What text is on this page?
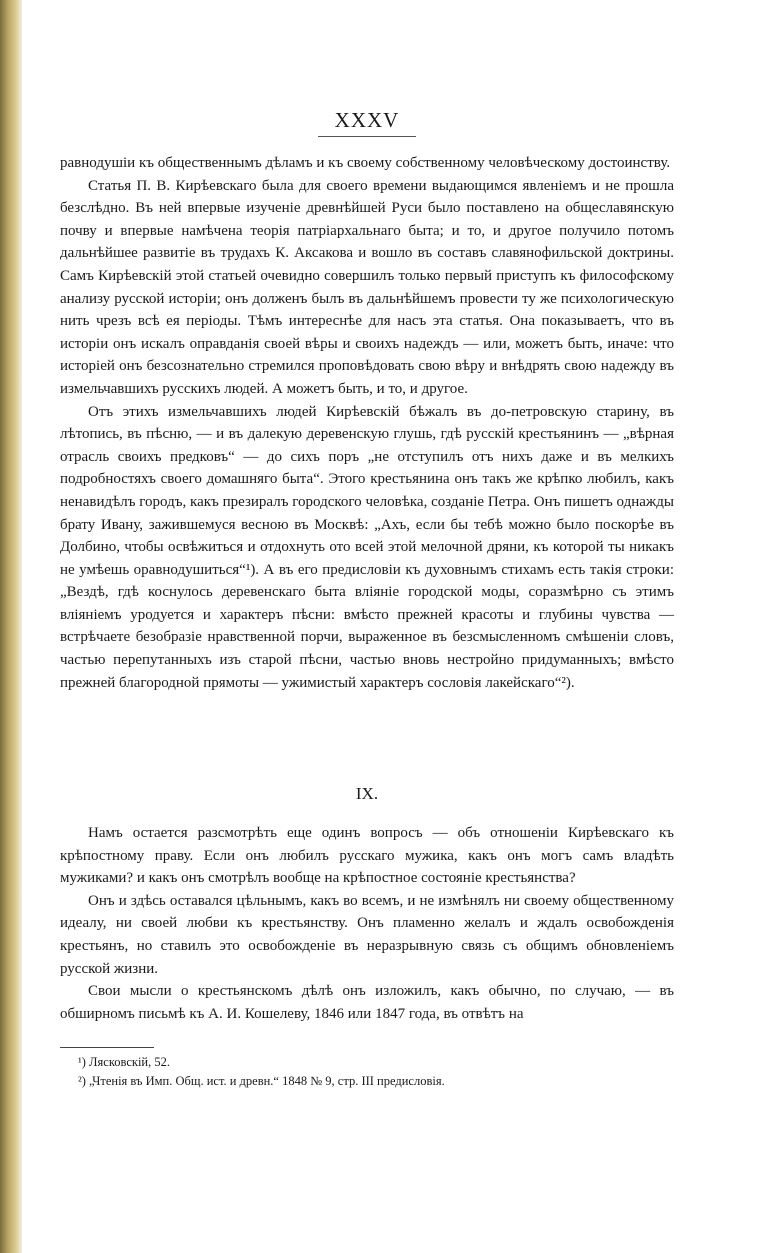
XXXV

равнодушіи къ общественнымъ дѣламъ и къ своему собственному человѣческому достоинству.

Статья П. В. Кирѣевскаго была для своего времени выдающимся явленіемъ и не прошла безслѣдно. Въ ней впервые изученіе древнѣйшей Руси было поставлено на общеславянскую почву и впервые намѣчена теорія патріархальнаго быта; и то, и другое получило потомъ дальнѣйшее развитіе въ трудахъ К. Аксакова и вошло въ составъ славянофильской доктрины. Самъ Кирѣевскій этой статьей очевидно совершилъ только первый приступъ къ философскому анализу русской исторіи; онъ долженъ былъ въ дальнѣйшемъ провести ту же психологическую нить чрезъ всѣ ея періоды. Тѣмъ интереснѣе для насъ эта статья. Она показываетъ, что въ исторіи онъ искалъ оправданія своей вѣры и своихъ надеждъ — или, можетъ быть, иначе: что исторіей онъ безсознательно стремился проповѣдовать свою вѣру и внѣдрять свою надежду въ измельчавшихъ русскихъ людей. А можетъ быть, и то, и другое.

Отъ этихъ измельчавшихъ людей Кирѣевскій бѣжалъ въ до-петровскую старину, въ лѣтопись, въ пѣсню, — и въ далекую деревенскую глушь, гдѣ русскій крестьянинъ — „вѣрная отрасль своихъ предковъ“ — до сихъ поръ „не отступилъ отъ нихъ даже и въ мелкихъ подробностяхъ своего домашняго быта“. Этого крестьянина онъ такъ же крѣпко любилъ, какъ ненавидѣлъ городъ, какъ презиралъ городского человѣка, созданіе Петра. Онъ пишетъ однажды брату Ивану, зажившемуся весною въ Москвѣ: „Ахъ, если бы тебѣ можно было поскорѣе въ Долбино, чтобы освѣжиться и отдохнуть ото всей этой мелочной дряни, къ которой ты никакъ не умѣешь оравнодушиться“¹). А въ его предисловіи къ духовнымъ стихамъ есть такія строки: „Вездѣ, гдѣ коснулось деревенскаго быта вліяніе городской моды, соразмѣрно съ этимъ вліяніемъ уродуется и характеръ пѣсни: вмѣсто прежней красоты и глубины чувства — встрѣчаете безобразіе нравственной порчи, выраженное въ безсмысленномъ смѣшеніи словъ, частью перепутанныхъ изъ старой пѣсни, частью вновь нестройно придуманныхъ; вмѣсто прежней благородной прямоты — ужимистый характеръ сословія лакейскаго“²).

IX.

Намъ остается разсмотрѣть еще одинъ вопросъ — объ отношеніи Кирѣевскаго къ крѣпостному праву. Если онъ любилъ русскаго мужика, какъ онъ могъ самъ владѣть мужиками? и какъ онъ смотрѣлъ вообще на крѣпостное состояніе крестьянства?

Онъ и здѣсь оставался цѣльнымъ, какъ во всемъ, и не измѣнялъ ни своему общественному идеалу, ни своей любви къ крестьянству. Онъ пламенно желалъ и ждалъ освобожденія крестьянъ, но ставилъ это освобожденіе въ неразрывную связь съ общимъ обновленіемъ русской жизни.

Свои мысли о крестьянскомъ дѣлѣ онъ изложилъ, какъ обычно, по случаю, — въ обширномъ письмѣ къ А. И. Кошелеву, 1846 или 1847 года, въ отвѣтъ на

¹) Лясковскій, 52.
²) „Чтенія въ Имп. Общ. ист. и древн.“ 1848 № 9, стр. III предисловія.
